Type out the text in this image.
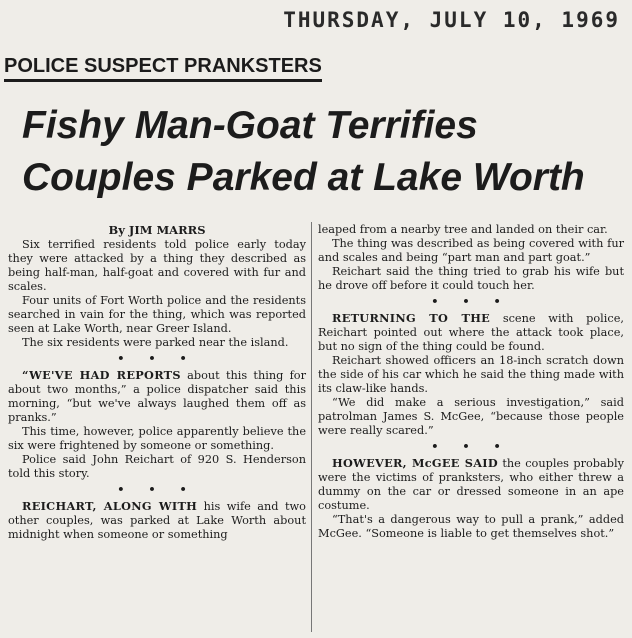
THURSDAY, JULY 10, 1969
POLICE SUSPECT PRANKSTERS
Fishy Man-Goat Terrifies
Couples Parked at Lake Worth
By JIM MARRS

Six terrified residents told police early today they were attacked by a thing they described as being half-man, half-goat and covered with fur and scales.

Four units of Fort Worth police and the residents searched in vain for the thing, which was reported seen at Lake Worth, near Greer Island.

The six residents were parked near the island.

• • •

“WE'VE HAD REPORTS about this thing for about two months,” a police dispatcher said this morning, “but we've always laughed them off as pranks.”

This time, however, police apparently believe the six were frightened by someone or something.

Police said John Reichart of 920 S. Henderson told this story.

• • •

REICHART, ALONG WITH his wife and two other couples, was parked at Lake Worth about midnight when someone or something

leaped from a nearby tree and landed on their car.

The thing was described as being covered with fur and scales and being “part man and part goat.”

Reichart said the thing tried to grab his wife but he drove off before it could touch her.

• • •

RETURNING TO THE scene with police, Reichart pointed out where the attack took place, but no sign of the thing could be found.

Reichart showed officers an 18-inch scratch down the side of his car which he said the thing made with its claw-like hands.

“We did make a serious investigation,” said patrolman James S. McGee, “because those people were really scared.”

• • •

HOWEVER, McGEE SAID the couples probably were the victims of pranksters, who either threw a dummy on the car or dressed someone in an ape costume.

“That's a dangerous way to pull a prank,” added McGee. “Someone is liable to get themselves shot.”
